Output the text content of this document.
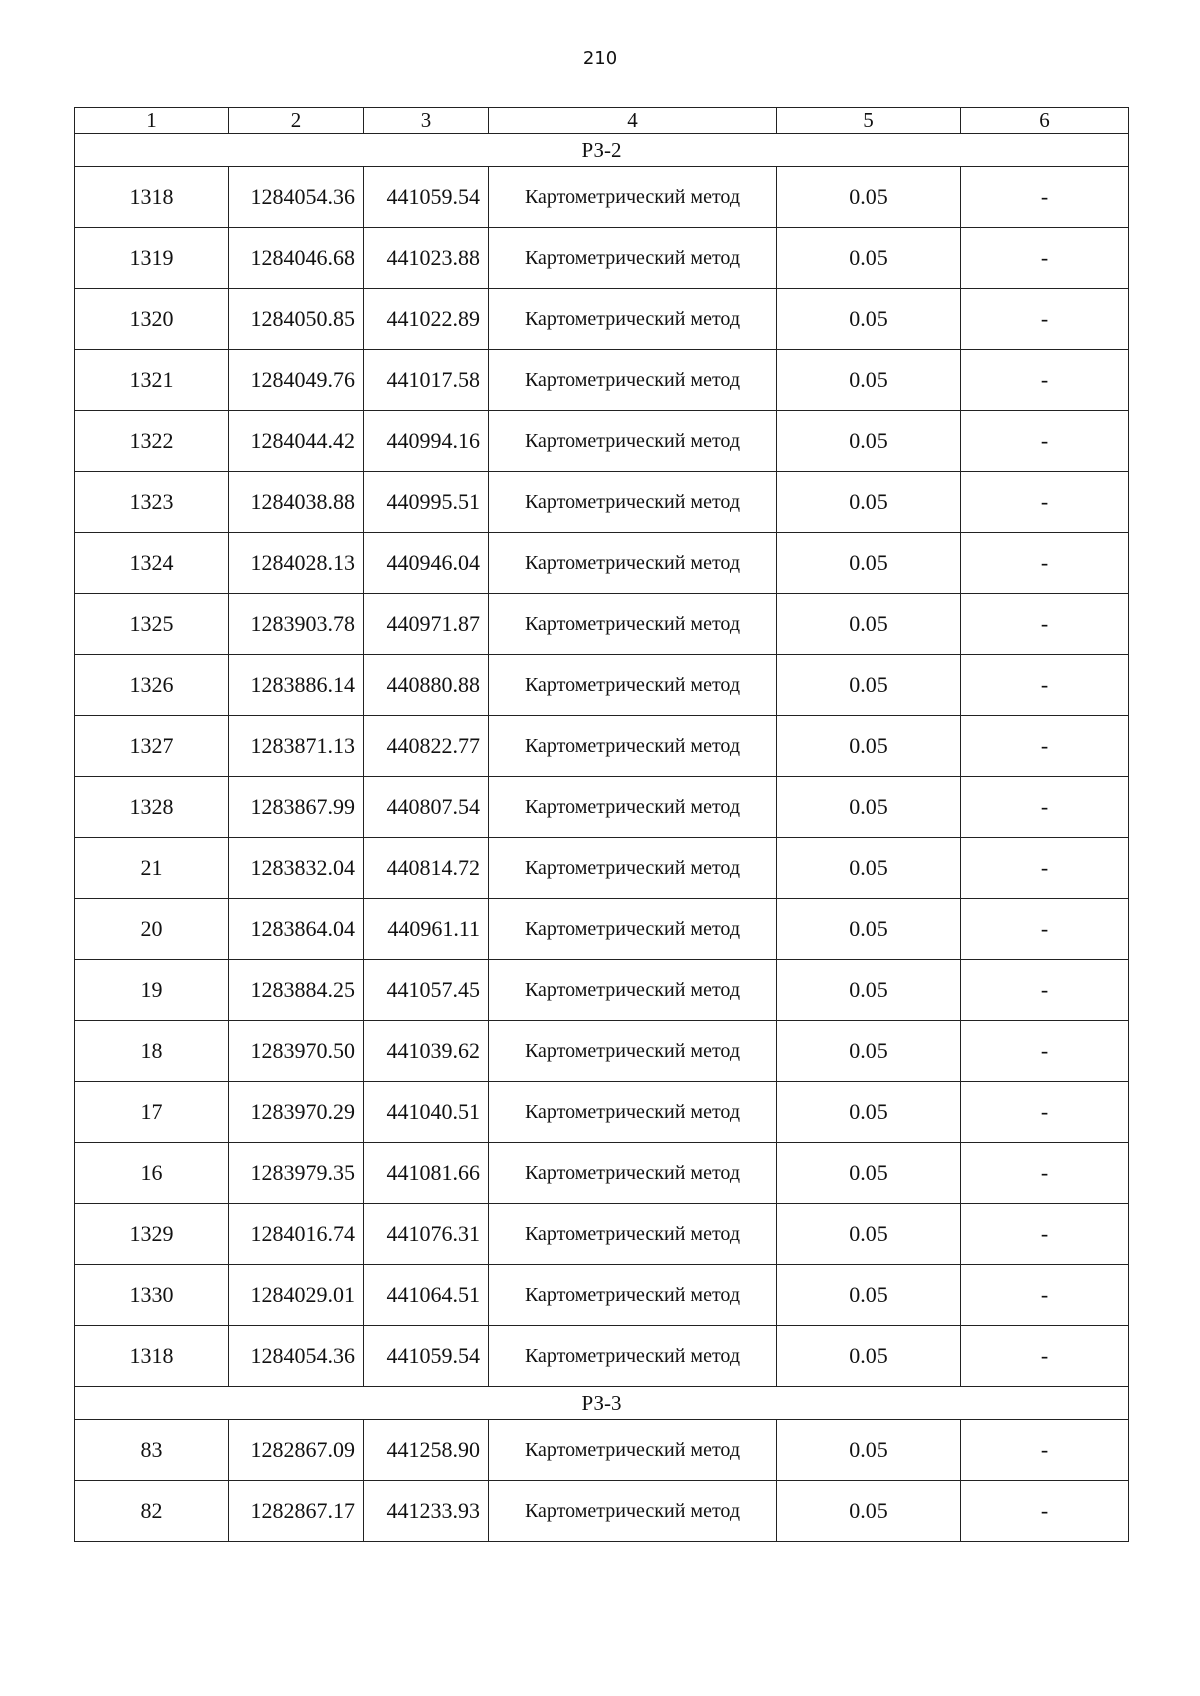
210
1	2	3	4	5	6
РЗ-2					
1318	1284054.36	441059.54	Картометрический метод	0.05	-
1319	1284046.68	441023.88	Картометрический метод	0.05	-
1320	1284050.85	441022.89	Картометрический метод	0.05	-
1321	1284049.76	441017.58	Картометрический метод	0.05	-
1322	1284044.42	440994.16	Картометрический метод	0.05	-
1323	1284038.88	440995.51	Картометрический метод	0.05	-
1324	1284028.13	440946.04	Картометрический метод	0.05	-
1325	1283903.78	440971.87	Картометрический метод	0.05	-
1326	1283886.14	440880.88	Картометрический метод	0.05	-
1327	1283871.13	440822.77	Картометрический метод	0.05	-
1328	1283867.99	440807.54	Картометрический метод	0.05	-
21	1283832.04	440814.72	Картометрический метод	0.05	-
20	1283864.04	440961.11	Картометрический метод	0.05	-
19	1283884.25	441057.45	Картометрический метод	0.05	-
18	1283970.50	441039.62	Картометрический метод	0.05	-
17	1283970.29	441040.51	Картометрический метод	0.05	-
16	1283979.35	441081.66	Картометрический метод	0.05	-
1329	1284016.74	441076.31	Картометрический метод	0.05	-
1330	1284029.01	441064.51	Картометрический метод	0.05	-
1318	1284054.36	441059.54	Картометрический метод	0.05	-
РЗ-3					
83	1282867.09	441258.90	Картометрический метод	0.05	-
82	1282867.17	441233.93	Картометрический метод	0.05	-
